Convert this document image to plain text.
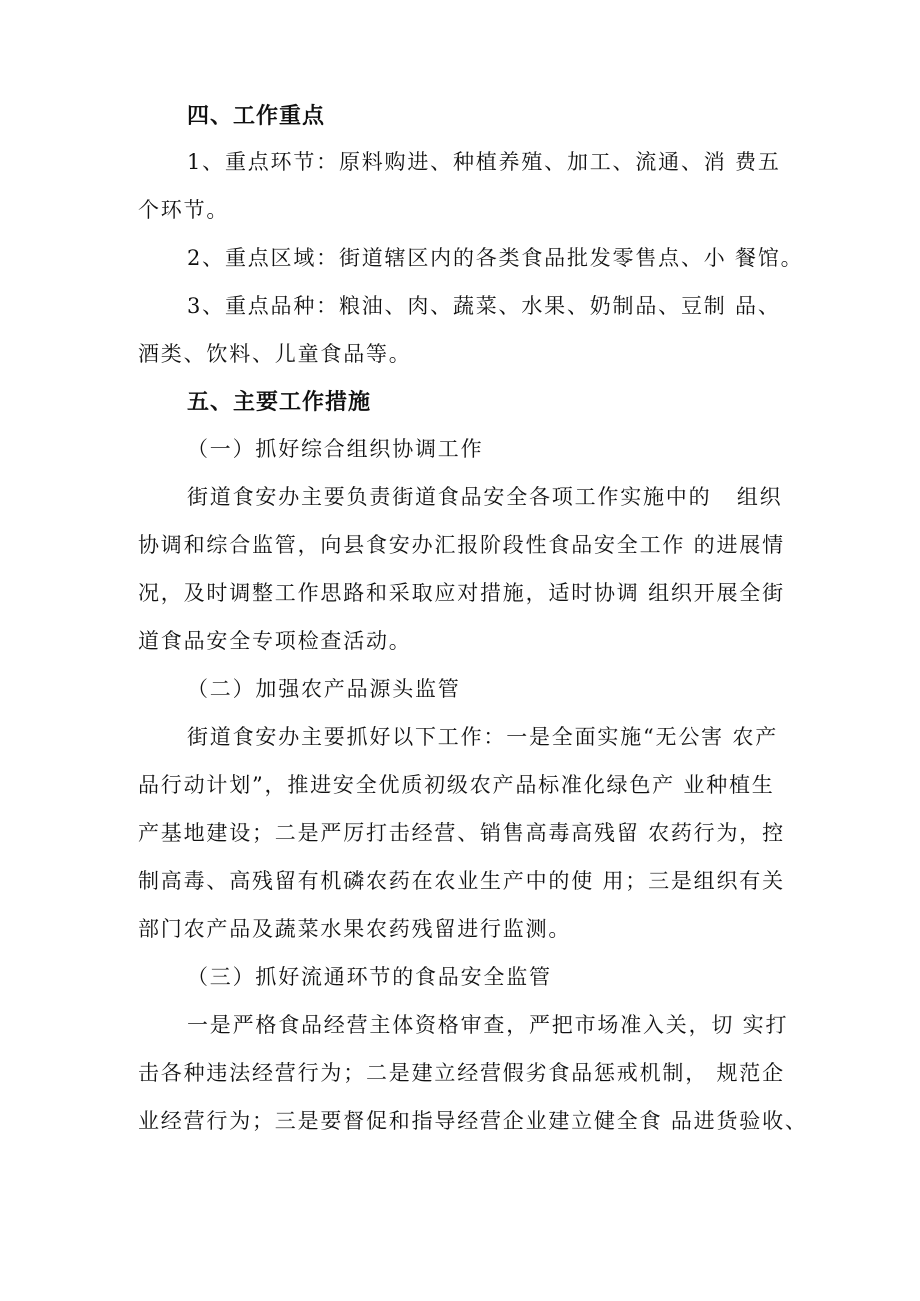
四、工作重点
1、重点环节：原料购进、种植养殖、加工、流通、消 费五
个环节。
2、重点区域：街道辖区内的各类食品批发零售点、小 餐馆。
3、重点品种：粮油、肉、蔬菜、水果、奶制品、豆制 品、
酒类、饮料、儿童食品等。
五、主要工作措施
（一）抓好综合组织协调工作
街道食安办主要负责街道食品安全各项工作实施中的   组织
协调和综合监管，向县食安办汇报阶段性食品安全工作 的进展情
况，及时调整工作思路和采取应对措施，适时协调 组织开展全街
道食品安全专项检查活动。
（二）加强农产品源头监管
街道食安办主要抓好以下工作：一是全面实施“无公害 农产
品行动计划”，推进安全优质初级农产品标准化绿色产 业种植生
产基地建设；二是严厉打击经营、销售高毒高残留 农药行为，控
制高毒、高残留有机磷农药在农业生产中的使 用；三是组织有关
部门农产品及蔬菜水果农药残留进行监测。
（三）抓好流通环节的食品安全监管
一是严格食品经营主体资格审查，严把市场准入关，切 实打
击各种违法经营行为；二是建立经营假劣食品惩戒机制， 规范企
业经营行为；三是要督促和指导经营企业建立健全食 品进货验收、
